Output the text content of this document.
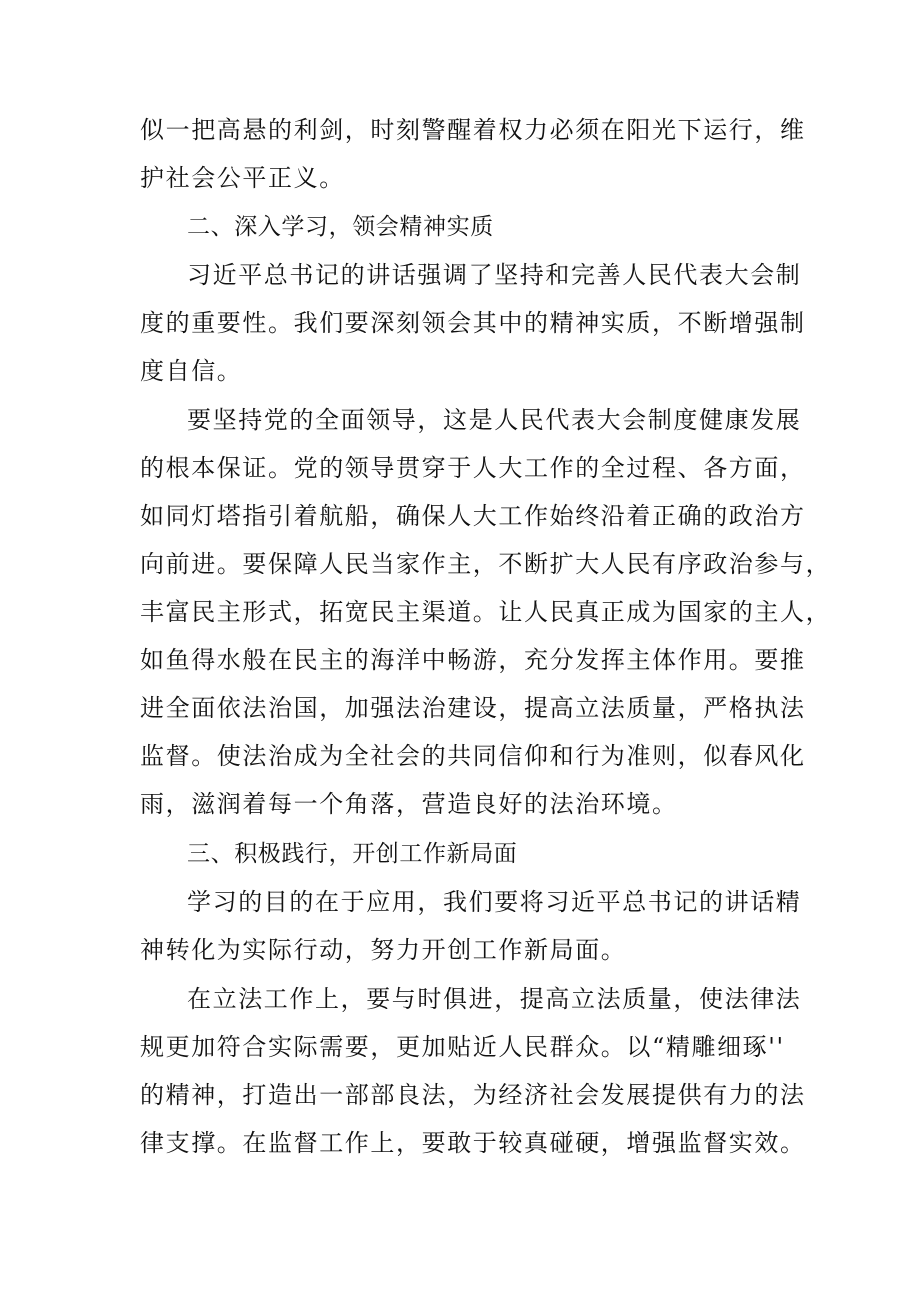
似一把高悬的利剑，时刻警醒着权力必须在阳光下运行，维
护社会公平正义。
二、深入学习，领会精神实质
习近平总书记的讲话强调了坚持和完善人民代表大会制
度的重要性。我们要深刻领会其中的精神实质，不断增强制
度自信。
要坚持党的全面领导，这是人民代表大会制度健康发展
的根本保证。党的领导贯穿于人大工作的全过程、各方面，
如同灯塔指引着航船，确保人大工作始终沿着正确的政治方
向前进。要保障人民当家作主，不断扩大人民有序政治参与，
丰富民主形式，拓宽民主渠道。让人民真正成为国家的主人，
如鱼得水般在民主的海洋中畅游，充分发挥主体作用。要推
进全面依法治国，加强法治建设，提高立法质量，严格执法
监督。使法治成为全社会的共同信仰和行为准则，似春风化
雨，滋润着每一个角落，营造良好的法治环境。
三、积极践行，开创工作新局面
学习的目的在于应用，我们要将习近平总书记的讲话精
神转化为实际行动，努力开创工作新局面。
在立法工作上，要与时俱进，提高立法质量，使法律法
规更加符合实际需要，更加贴近人民群众。以“精雕细琢''
的精神，打造出一部部良法，为经济社会发展提供有力的法
律支撑。在监督工作上，要敢于较真碰硬，增强监督实效。
